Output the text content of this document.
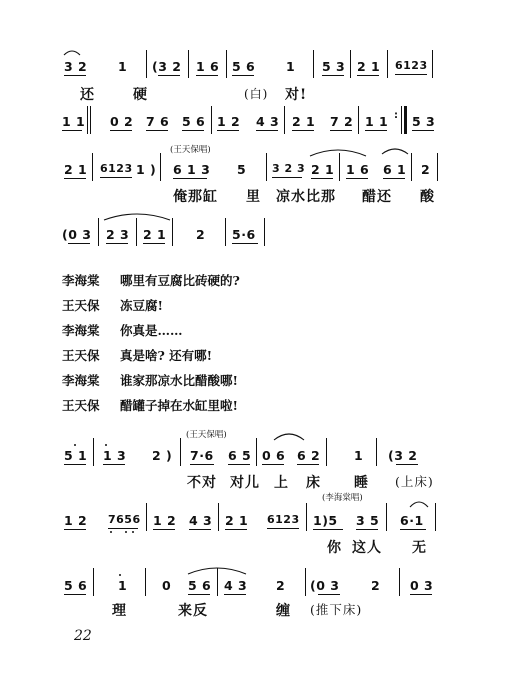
3 2 1 (3 2 1 6 5 6 1 5 3 2 1 6123
还	硬	(白) 对!
1 1 0 2 7 6 5 6 1 2 4 3 2 1 7 2 1 1 : 5 3
2 1 6123 1 )
(王天保唱)
6 1 3 5 3 2 3 2 1 1 6 6 1 2
俺那缸 里 凉水比那 醋还 酸
(0 3 2 3 2 1 2 5·6
李海棠 哪里有豆腐比砖硬的?
王天保 冻豆腐!
李海棠 你真是……
王天保 真是啥? 还有哪!
李海棠 谁家那凉水比醋酸哪!
王天保 醋罐子掉在水缸里啦!
5 1 1 3 2 )
(王天保唱)
7·6 6 5 0 6 6 2	1 (3 2
不对 对儿 上 床 睡 (上床)
1 2 7656 1 2 4 3 2 1 6123
(李海棠唱)
1)5 3 5 6·1
你 这人 无
5 6 1	0 5 6 4 3 2 (0 3	2 0 3
理	来反	缠 (推下床)
22
